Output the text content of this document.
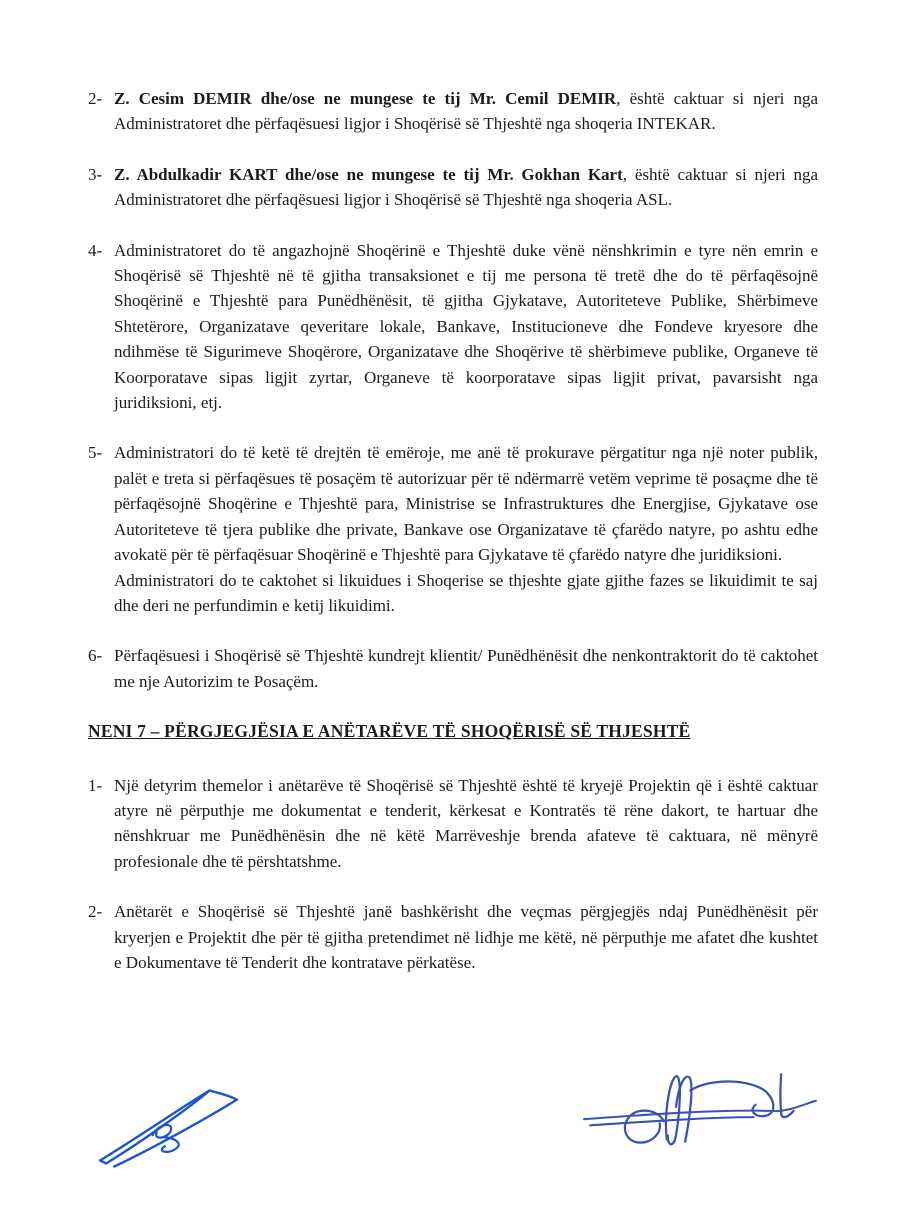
2- Z. Cesim DEMIR dhe/ose ne mungese te tij Mr. Cemil DEMIR, është caktuar si njeri nga Administratoret dhe përfaqësuesi ligjor i Shoqërisë së Thjeshtë nga shoqeria INTEKAR.
3- Z. Abdulkadir KART dhe/ose ne mungese te tij Mr. Gokhan Kart, është caktuar si njeri nga Administratoret dhe përfaqësuesi ligjor i Shoqërisë së Thjeshtë nga shoqeria ASL.
4- Administratoret do të angazhojnë Shoqërinë e Thjeshtë duke vënë nënshkrimin e tyre nën emrin e Shoqërisë së Thjeshtë në të gjitha transaksionet e tij me persona të tretë dhe do të përfaqësojnë Shoqërinë e Thjeshtë para Punëdhënësit, të gjitha Gjykatave, Autoriteteve Publike, Shërbimeve Shtetërore, Organizatave qeveritare lokale, Bankave, Institucioneve dhe Fondeve kryesore dhe ndihmëse të Sigurimeve Shoqërore, Organizatave dhe Shoqërive të shërbimeve publike, Organeve të Koorporatave sipas ligjit zyrtar, Organeve të koorporatave sipas ligjit privat, pavarsisht nga juridiksioni, etj.
5- Administratori do të ketë të drejtën të emëroje, me anë të prokurave përgatitur nga një noter publik, palët e treta si përfaqësues të posaçëm të autorizuar për të ndërmarrë vetëm veprime të posaçme dhe të përfaqësojnë Shoqërine e Thjeshtë para, Ministrise se Infrastruktures dhe Energjise, Gjykatave ose Autoriteteve të tjera publike dhe private, Bankave ose Organizatave të çfarëdo natyre, po ashtu edhe avokatë për të përfaqësuar Shoqërinë e Thjeshtë para Gjykatave të çfarëdo natyre dhe juridiksioni.
Administratori do te caktohet si likuidues i Shoqerise se thjeshte gjate gjithe fazes se likuidimit te saj dhe deri ne perfundimin e ketij likuidimi.
6- Përfaqësuesi i Shoqërisë së Thjeshtë kundrejt klientit/ Punëdhënësit dhe nenkontraktorit do të caktohet me nje Autorizim te Posaçëm.
NENI 7 – PËRGJEGJËSIA E ANËTARËVE TË SHOQËRISË SË THJESHTË
1- Një detyrim themelor i anëtarëve të Shoqërisë së Thjeshtë është të kryejë Projektin që i është caktuar atyre në përputhje me dokumentat e tenderit, kërkesat e Kontratës të rëne dakort, te hartuar dhe nënshkruar me Punëdhënësin dhe në këtë Marrëveshje brenda afateve të caktuara, në mënyrë profesionale dhe të përshtatshme.
2- Anëtarët e Shoqërisë së Thjeshtë janë bashkërisht dhe veçmas përgjegjës ndaj Punëdhënësit për kryerjen e Projektit dhe për të gjitha pretendimet në lidhje me këtë, në përputhje me afatet dhe kushtet e Dokumentave të Tenderit dhe kontratave përkatëse.
